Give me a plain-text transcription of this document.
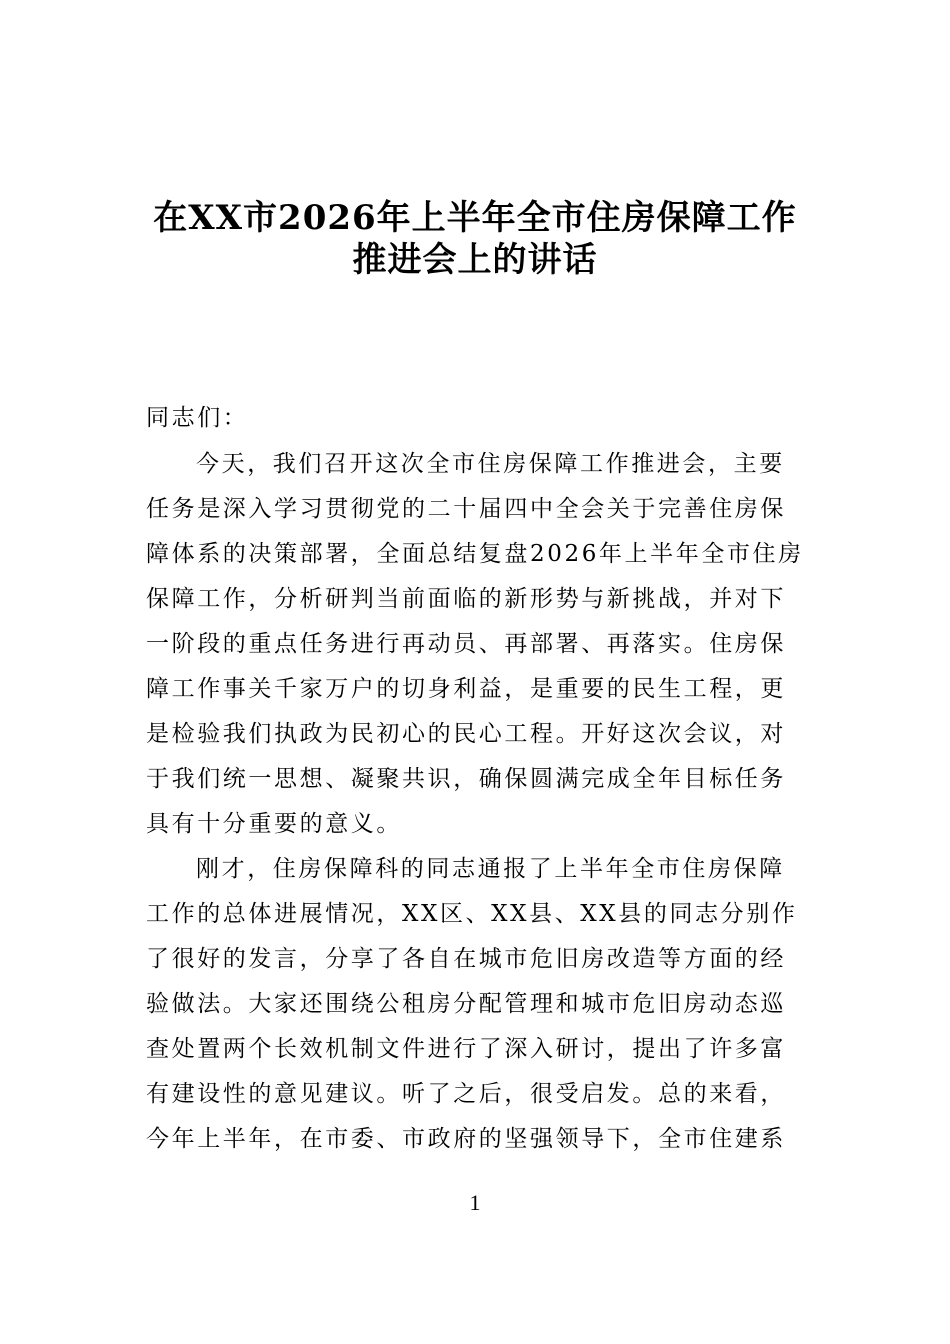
在XX市2026年上半年全市住房保障工作
推进会上的讲话
同志们：
今天，我们召开这次全市住房保障工作推进会，主要
任务是深入学习贯彻党的二十届四中全会关于完善住房保
障体系的决策部署，全面总结复盘2026年上半年全市住房
保障工作，分析研判当前面临的新形势与新挑战，并对下
一阶段的重点任务进行再动员、再部署、再落实。住房保
障工作事关千家万户的切身利益，是重要的民生工程，更
是检验我们执政为民初心的民心工程。开好这次会议，对
于我们统一思想、凝聚共识，确保圆满完成全年目标任务
具有十分重要的意义。
刚才，住房保障科的同志通报了上半年全市住房保障
工作的总体进展情况，XX区、XX县、XX县的同志分别作
了很好的发言，分享了各自在城市危旧房改造等方面的经
验做法。大家还围绕公租房分配管理和城市危旧房动态巡
查处置两个长效机制文件进行了深入研讨，提出了许多富
有建设性的意见建议。听了之后，很受启发。总的来看，
今年上半年，在市委、市政府的坚强领导下，全市住建系
1
